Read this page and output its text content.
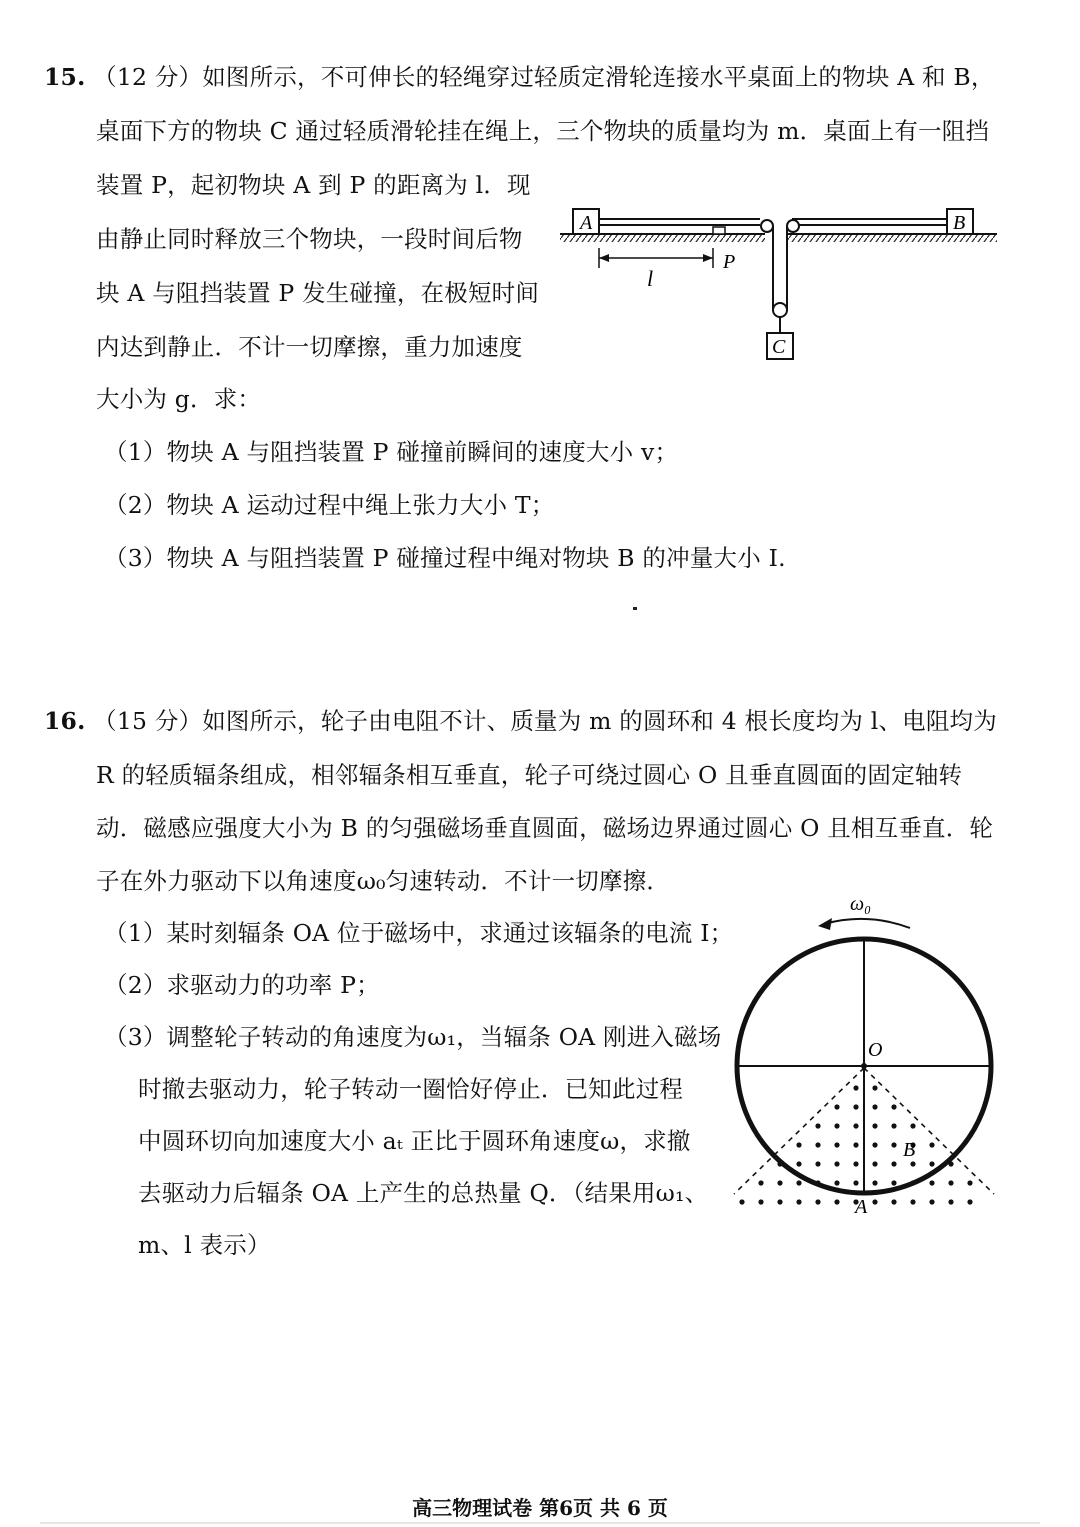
15. （12 分）如图所示，不可伸长的轻绳穿过轻质定滑轮连接水平桌面上的物块 A 和 B，
桌面下方的物块 C 通过轻质滑轮挂在绳上，三个物块的质量均为 m．桌面上有一阻挡
装置 P，起初物块 A 到 P 的距离为 l．现
由静止同时释放三个物块，一段时间后物
块 A 与阻挡装置 P 发生碰撞，在极短时间
内达到静止．不计一切摩擦，重力加速度
大小为 g．求：
（1）物块 A 与阻挡装置 P 碰撞前瞬间的速度大小 v；
（2）物块 A 运动过程中绳上张力大小 T；
（3）物块 A 与阻挡装置 P 碰撞过程中绳对物块 B 的冲量大小 I.
A	B
C
l
P
16. （15 分）如图所示，轮子由电阻不计、质量为 m 的圆环和 4 根长度均为 l、电阻均为
R 的轻质辐条组成，相邻辐条相互垂直，轮子可绕过圆心 O 且垂直圆面的固定轴转
动．磁感应强度大小为 B 的匀强磁场垂直圆面，磁场边界通过圆心 O 且相互垂直．轮
子在外力驱动下以角速度ω₀匀速转动．不计一切摩擦．
（1）某时刻辐条 OA 位于磁场中，求通过该辐条的电流 I；
（2）求驱动力的功率 P；
（3）调整轮子转动的角速度为ω₁，当辐条 OA 刚进入磁场
时撤去驱动力，轮子转动一圈恰好停止．已知此过程
中圆环切向加速度大小 aₜ 正比于圆环角速度ω，求撤
去驱动力后辐条 OA 上产生的总热量 Q．（结果用ω₁、
m、l 表示）
ω₀
O
A
B
高三物理试卷 第6页 共 6 页
